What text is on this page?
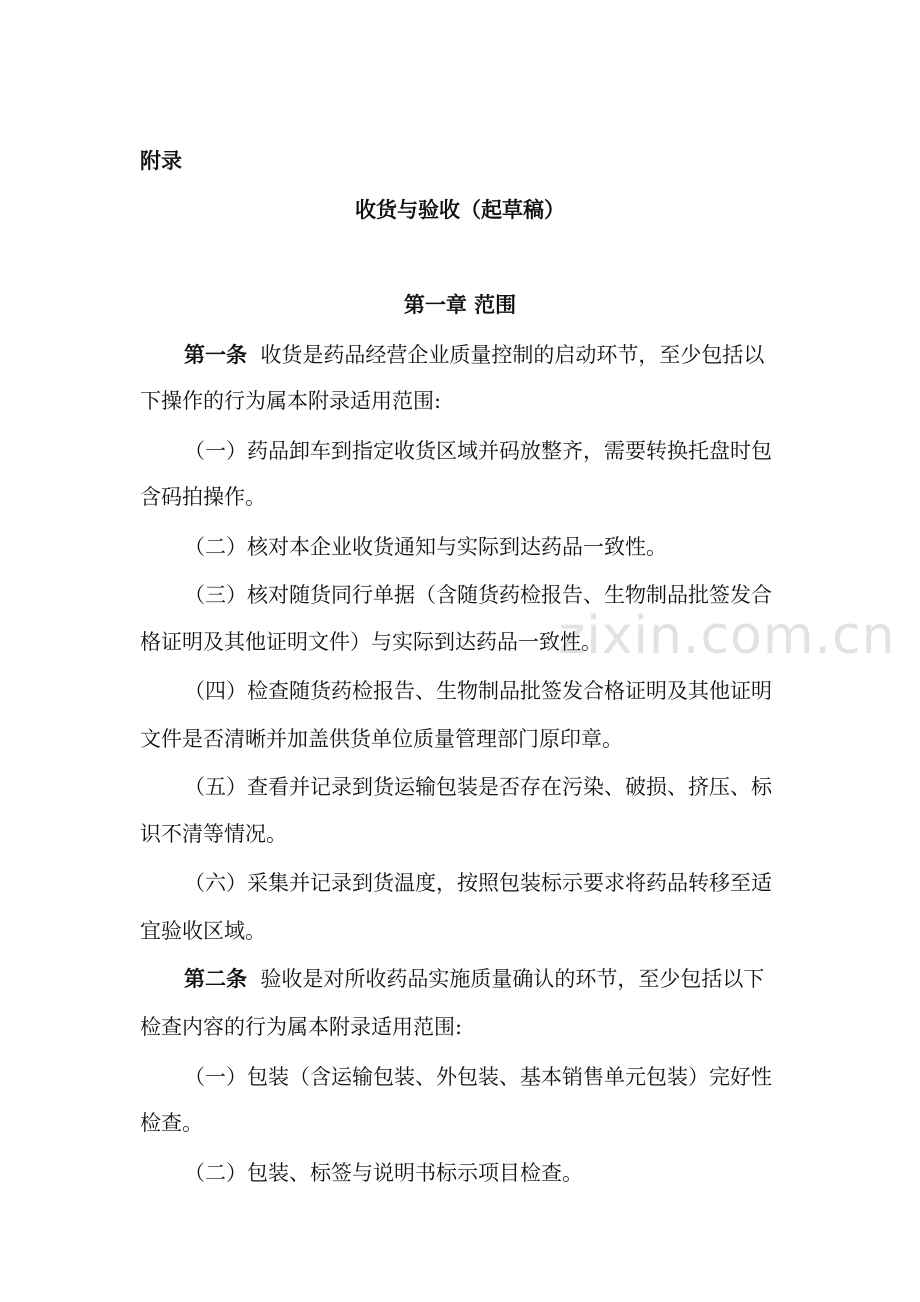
zixin.com.cn
附录
收货与验收（起草稿）
第一章 范围
第一条 收货是药品经营企业质量控制的启动环节，至少包括以
下操作的行为属本附录适用范围:
（一）药品卸车到指定收货区域并码放整齐，需要转换托盘时包
含码拍操作。
（二）核对本企业收货通知与实际到达药品一致性。
（三）核对随货同行单据（含随货药检报告、生物制品批签发合
格证明及其他证明文件）与实际到达药品一致性。
（四）检查随货药检报告、生物制品批签发合格证明及其他证明
文件是否清晰并加盖供货单位质量管理部门原印章。
（五）查看并记录到货运输包装是否存在污染、破损、挤压、标
识不清等情况。
（六）采集并记录到货温度，按照包装标示要求将药品转移至适
宜验收区域。
第二条 验收是对所收药品实施质量确认的环节，至少包括以下
检查内容的行为属本附录适用范围:
（一）包装（含运输包装、外包装、基本销售单元包装）完好性
检查。
（二）包装、标签与说明书标示项目检查。
